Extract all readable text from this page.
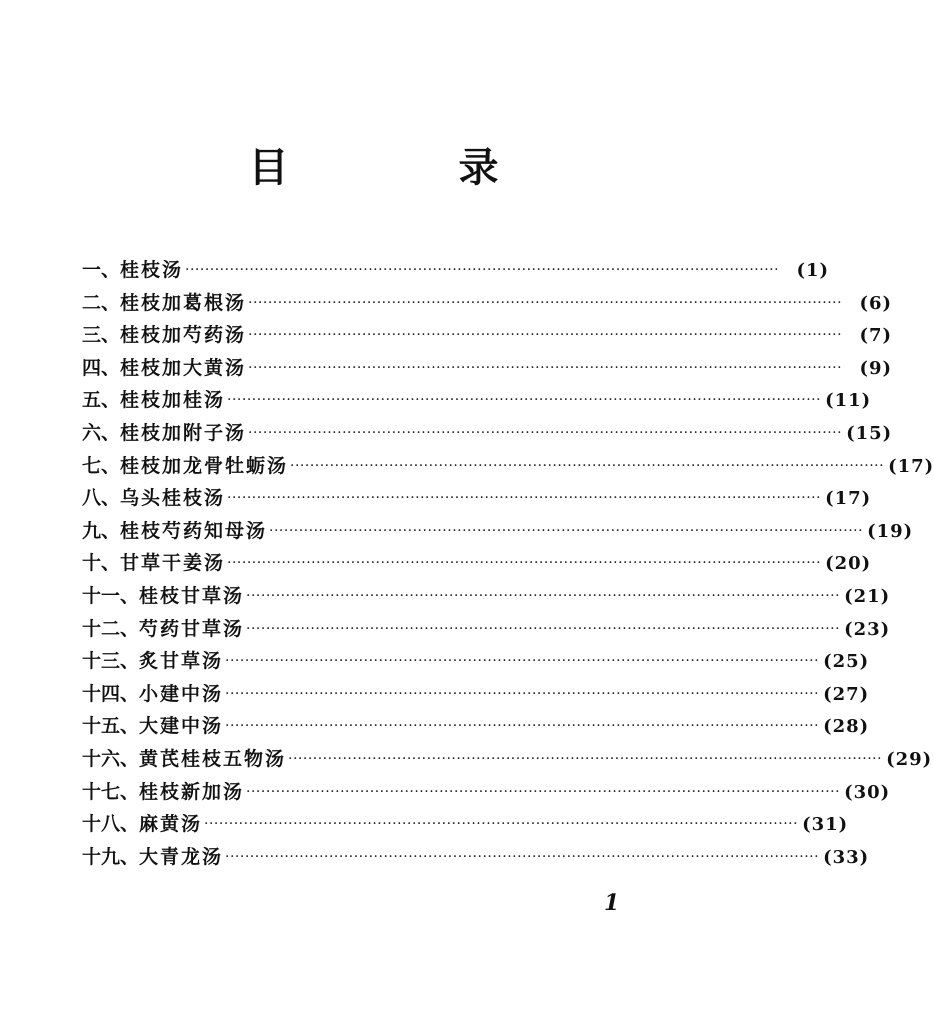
目 录
一、 桂枝汤 ························································································································ (1)
二、 桂枝加葛根汤 ························································································································ (6)
三、 桂枝加芍药汤 ························································································································ (7)
四、 桂枝加大黄汤 ························································································································ (9)
五、 桂枝加桂汤 ························································································································ (11)
六、 桂枝加附子汤 ························································································································ (15)
七、 桂枝加龙骨牡蛎汤 ························································································································ (17)
八、 乌头桂枝汤 ························································································································ (17)
九、 桂枝芍药知母汤 ························································································································ (19)
十、 甘草干姜汤 ························································································································ (20)
十一、 桂枝甘草汤 ························································································································ (21)
十二、 芍药甘草汤 ························································································································ (23)
十三、 炙甘草汤 ························································································································ (25)
十四、 小建中汤 ························································································································ (27)
十五、 大建中汤 ························································································································ (28)
十六、 黄芪桂枝五物汤 ························································································································ (29)
十七、 桂枝新加汤 ························································································································ (30)
十八、 麻黄汤 ························································································································ (31)
十九、 大青龙汤 ························································································································ (33)
1
